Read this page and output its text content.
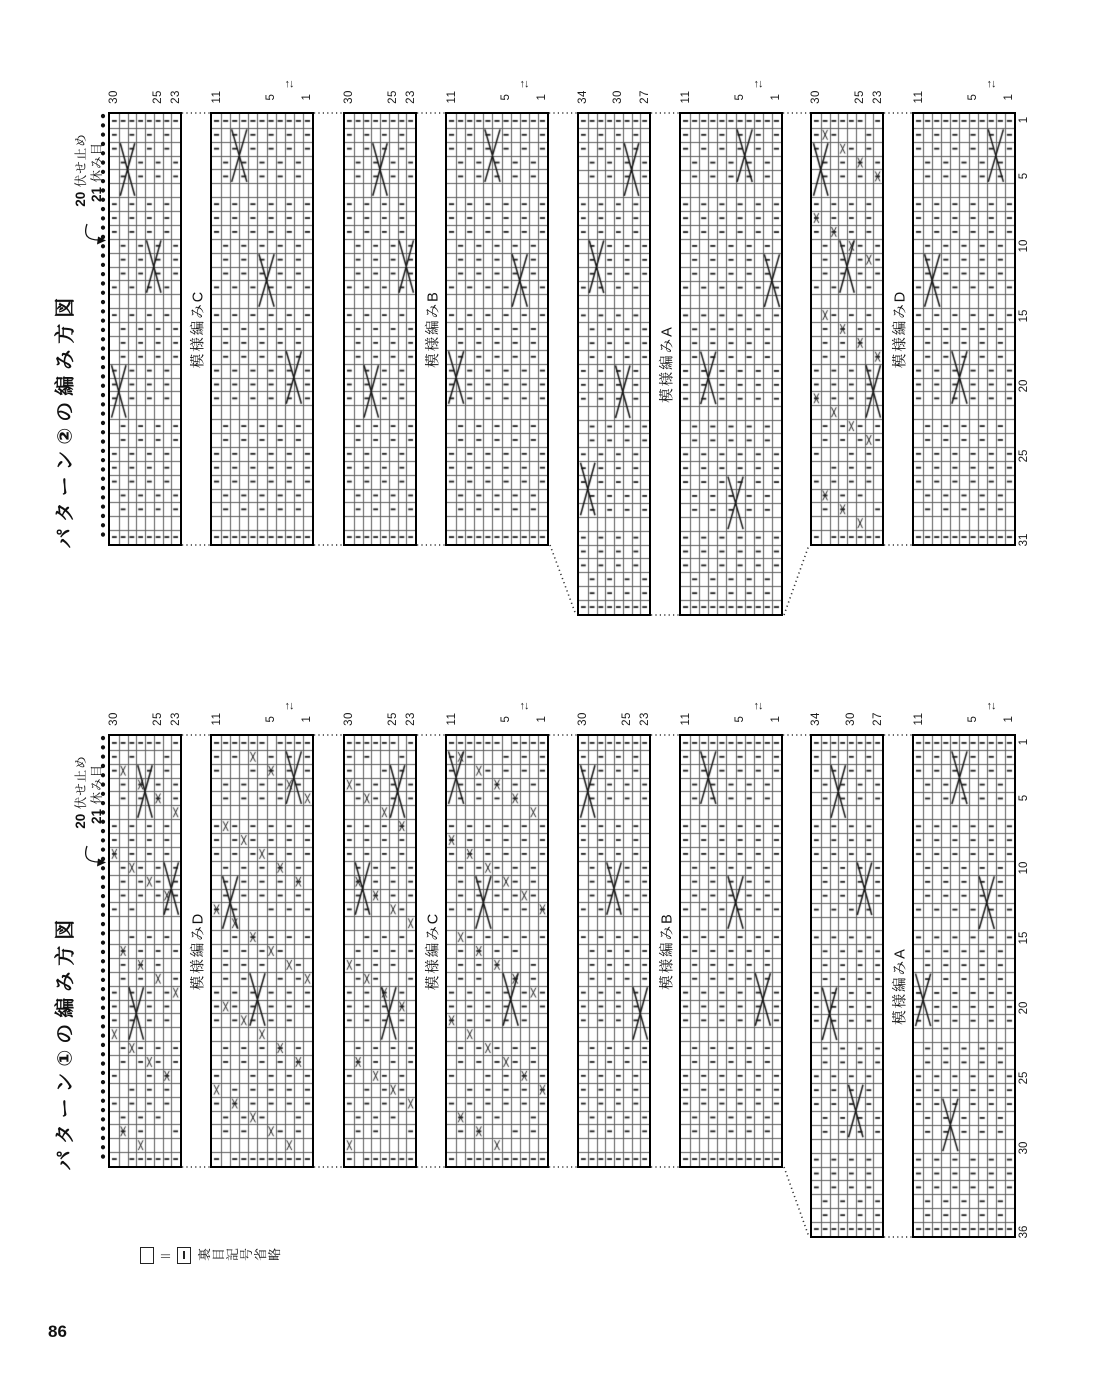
パターン②の編み方図
20 伏せ止め
21 休み目
30	25 23	11	5 1
↑↓
模様編みC
30	25 23	11	5 1
↑↓
模様編みB
34 30 27	11	5 1
↑↓
模様編みA
30	25 23	11	5 1
↑↓
模様編みD
1
5
10
15
20
25
31
パターン①の編み方図
20 伏せ止め
21 休み目
30	25 23	11	5 1
↑↓
模様編みD
30	25 23	11	5 1
↑↓
模様編みC
30	25 23	11	5 1
↑↓
模様編みB
34 30 27	11	5 1
↑↓
模様編みA
1
5
10
15
20
25
30
36
＝ 裏目記号省略
86
